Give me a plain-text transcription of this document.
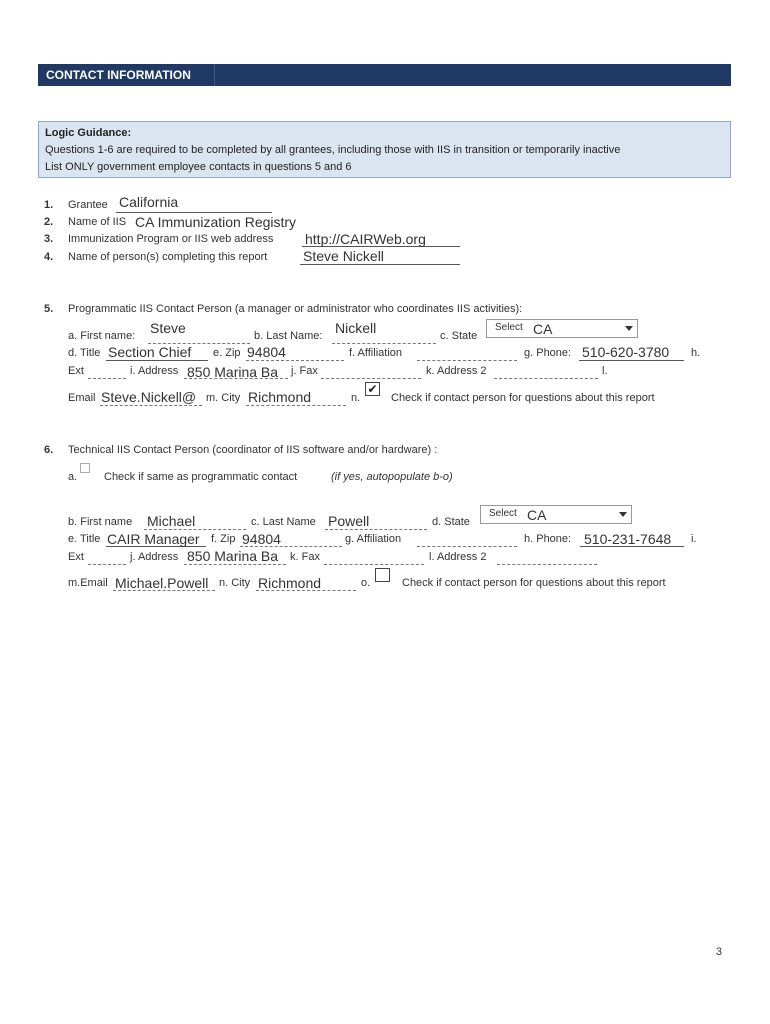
CONTACT INFORMATION
Logic Guidance:
Questions 1-6 are required to be completed by all grantees, including those with IIS in transition or temporarily inactive
List ONLY government employee contacts in questions 5 and 6
1. Grantee California
2. Name of IIS CA Immunization Registry
3. Immunization Program or IIS web address http://CAIRWeb.org
4. Name of person(s) completing this report	Steve Nickell
5. Programmatic IIS Contact Person (a manager or administrator who coordinates IIS activities):
a. First name: Steve	b. Last Name: Nickell	c. State
Select CA
d. Title Section Chief e. Zip 94804	f. Affiliation	g. Phone: 510-620-3780 h.
Ext	i. Address 850 Marina Ba j. Fax	k. Address 2	l.
Email Steve.Nickell@ m. City Richmond	n.
✔
Check if contact person for questions about this report
6. Technical IIS Contact Person (coordinator of IIS software and/or hardware) :
a. Check if same as programmatic contact	(if yes, autopopulate b-o)
b. First name Michael	c. Last Name Powell	d. State
Select CA
e. Title CAIR Manager f. Zip 94804	g. Affiliation	h. Phone: 510-231-7648 i.
Ext	j. Address 850 Marina Ba k. Fax	l. Address 2
m.Email Michael.Powell n. City Richmond	o.	Check if contact person for questions about this report
3
